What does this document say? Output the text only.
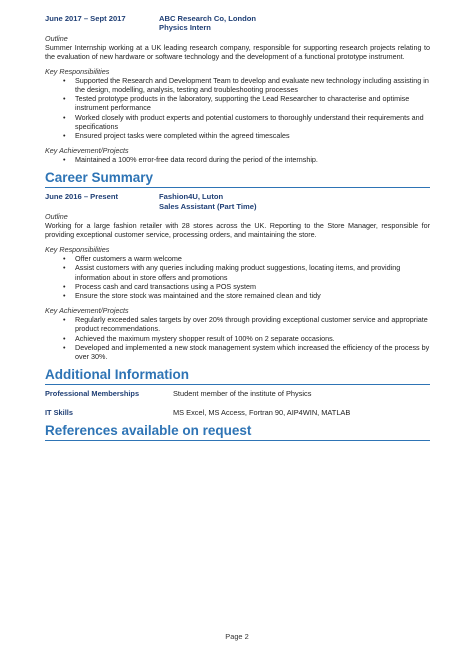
June 2017 – Sept 2017	ABC Research Co, London
Physics Intern
Outline

Summer Internship working at a UK leading research company, responsible for supporting research projects relating to the evaluation of new hardware or software technology and the development of a functional prototype instrument.

Key Responsibilities
• Supported the Research and Development Team to develop and evaluate new technology including assisting in the design, modelling, analysis, testing and troubleshooting processes
• Tested prototype products in the laboratory, supporting the Lead Researcher to characterise and optimise instrument performance
• Worked closely with product experts and potential customers to thoroughly understand their requirements and specifications
• Ensured project tasks were completed within the agreed timescales
Key Achievement/Projects
• Maintained a 100% error-free data record during the period of the internship.
Career Summary
June 2016 – Present	Fashion4U, Luton
Sales Assistant (Part Time)
Outline

Working for a large fashion retailer with 28 stores across the UK. Reporting to the Store Manager, responsible for providing exceptional customer service, processing orders, and maintaining the store.

Key Responsibilities
• Offer customers a warm welcome
• Assist customers with any queries including making product suggestions, locating items, and providing information about in store offers and promotions
• Process cash and card transactions using a POS system
• Ensure the store stock was maintained and the store remained clean and tidy
Key Achievement/Projects
• Regularly exceeded sales targets by over 20% through providing exceptional customer service and appropriate product recommendations.
• Achieved the maximum mystery shopper result of 100% on 2 separate occasions.
• Developed and implemented a new stock management system which increased the efficiency of the process by over 30%.
Additional Information
Professional Memberships	Student member of the institute of Physics
IT Skills	MS Excel, MS Access, Fortran 90, AIP4WIN, MATLAB
References available on request
Page 2
